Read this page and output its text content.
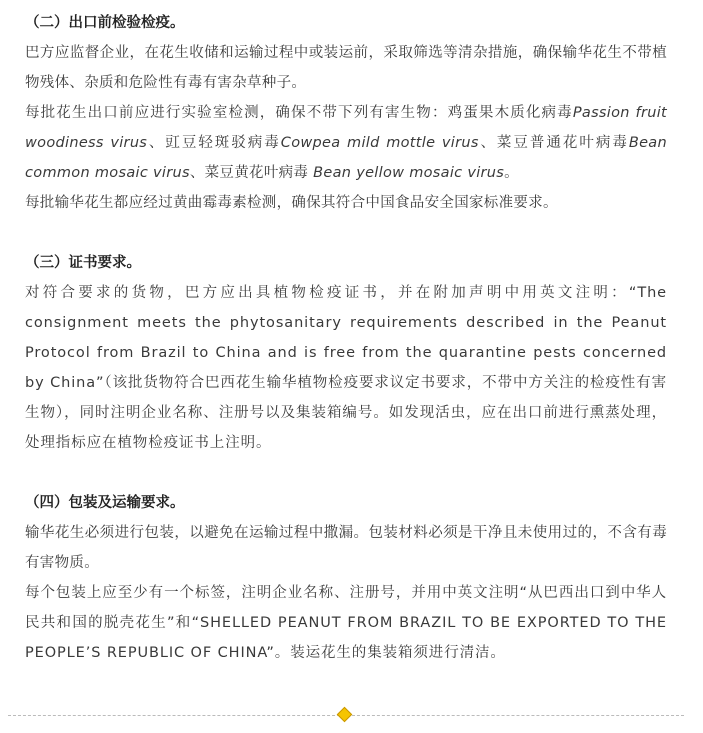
（二）出口前检验检疫。

巴方应监督企业，在花生收储和运输过程中或装运前，采取筛选等清杂措施，确保输华花生不带植物残体、杂质和危险性有毒有害杂草种子。

每批花生出口前应进行实验室检测，确保不带下列有害生物：鸡蛋果木质化病毒Passion fruit woodiness virus、豇豆轻斑驳病毒Cowpea mild mottle virus、菜豆普通花叶病毒Bean common mosaic virus、菜豆黄花叶病毒 Bean yellow mosaic virus。

每批输华花生都应经过黄曲霉毒素检测，确保其符合中国食品安全国家标准要求。

（三）证书要求。

对符合要求的货物，巴方应出具植物检疫证书，并在附加声明中用英文注明：“The consignment meets the phytosanitary requirements described in the Peanut Protocol from Brazil to China and is free from the quarantine pests concerned by China”（该批货物符合巴西花生输华植物检疫要求议定书要求，不带中方关注的检疫性有害生物），同时注明企业名称、注册号以及集装箱编号。如发现活虫，应在出口前进行熏蒸处理，处理指标应在植物检疫证书上注明。

（四）包装及运输要求。

输华花生必须进行包装，以避免在运输过程中撒漏。包装材料必须是干净且未使用过的，不含有毒有害物质。

每个包装上应至少有一个标签，注明企业名称、注册号，并用中英文注明“从巴西出口到中华人民共和国的脱壳花生”和“SHELLED PEANUT FROM BRAZIL TO BE EXPORTED TO THE PEOPLE’S REPUBLIC OF CHINA”。装运花生的集装箱须进行清洁。
